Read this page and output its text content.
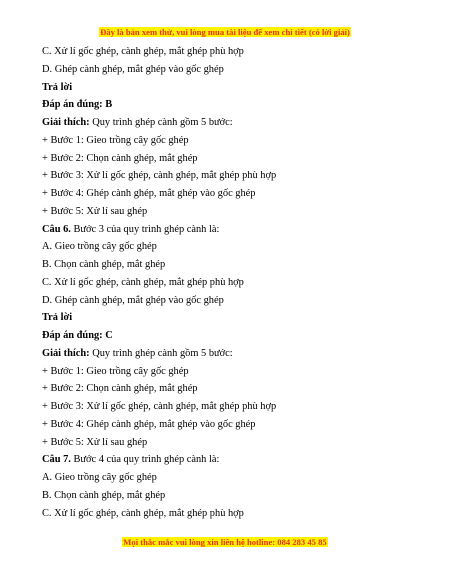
Đây là bản xem thử, vui lòng mua tài liệu để xem chi tiết (có lời giải)
C. Xử lí gốc ghép, cành ghép, mắt ghép phù hợp
D. Ghép cành ghép, mắt ghép vào gốc ghép
Trả lời
Đáp án đúng: B
Giải thích: Quy trình ghép cành gồm 5 bước:
+ Bước 1: Gieo trồng cây gốc ghép
+ Bước 2: Chọn cành ghép, mắt ghép
+ Bước 3: Xử lí gốc ghép, cành ghép, mắt ghép phù hợp
+ Bước 4: Ghép cành ghép, mắt ghép vào gốc ghép
+ Bước 5: Xử lí sau ghép
Câu 6. Bước 3 của quy trình ghép cành là:
A. Gieo trồng cây gốc ghép
B. Chọn cành ghép, mắt ghép
C. Xử lí gốc ghép, cành ghép, mắt ghép phù hợp
D. Ghép cành ghép, mắt ghép vào gốc ghép
Trả lời
Đáp án đúng: C
Giải thích: Quy trình ghép cành gồm 5 bước:
+ Bước 1: Gieo trồng cây gốc ghép
+ Bước 2: Chọn cành ghép, mắt ghép
+ Bước 3: Xử lí gốc ghép, cành ghép, mắt ghép phù hợp
+ Bước 4: Ghép cành ghép, mắt ghép vào gốc ghép
+ Bước 5: Xử lí sau ghép
Câu 7. Bước 4 của quy trình ghép cành là:
A. Gieo trồng cây gốc ghép
B. Chọn cành ghép, mắt ghép
C. Xử lí gốc ghép, cành ghép, mắt ghép phù hợp
Mọi thắc mắc vui lòng xin liên hệ hotline: 084 283 45 85
